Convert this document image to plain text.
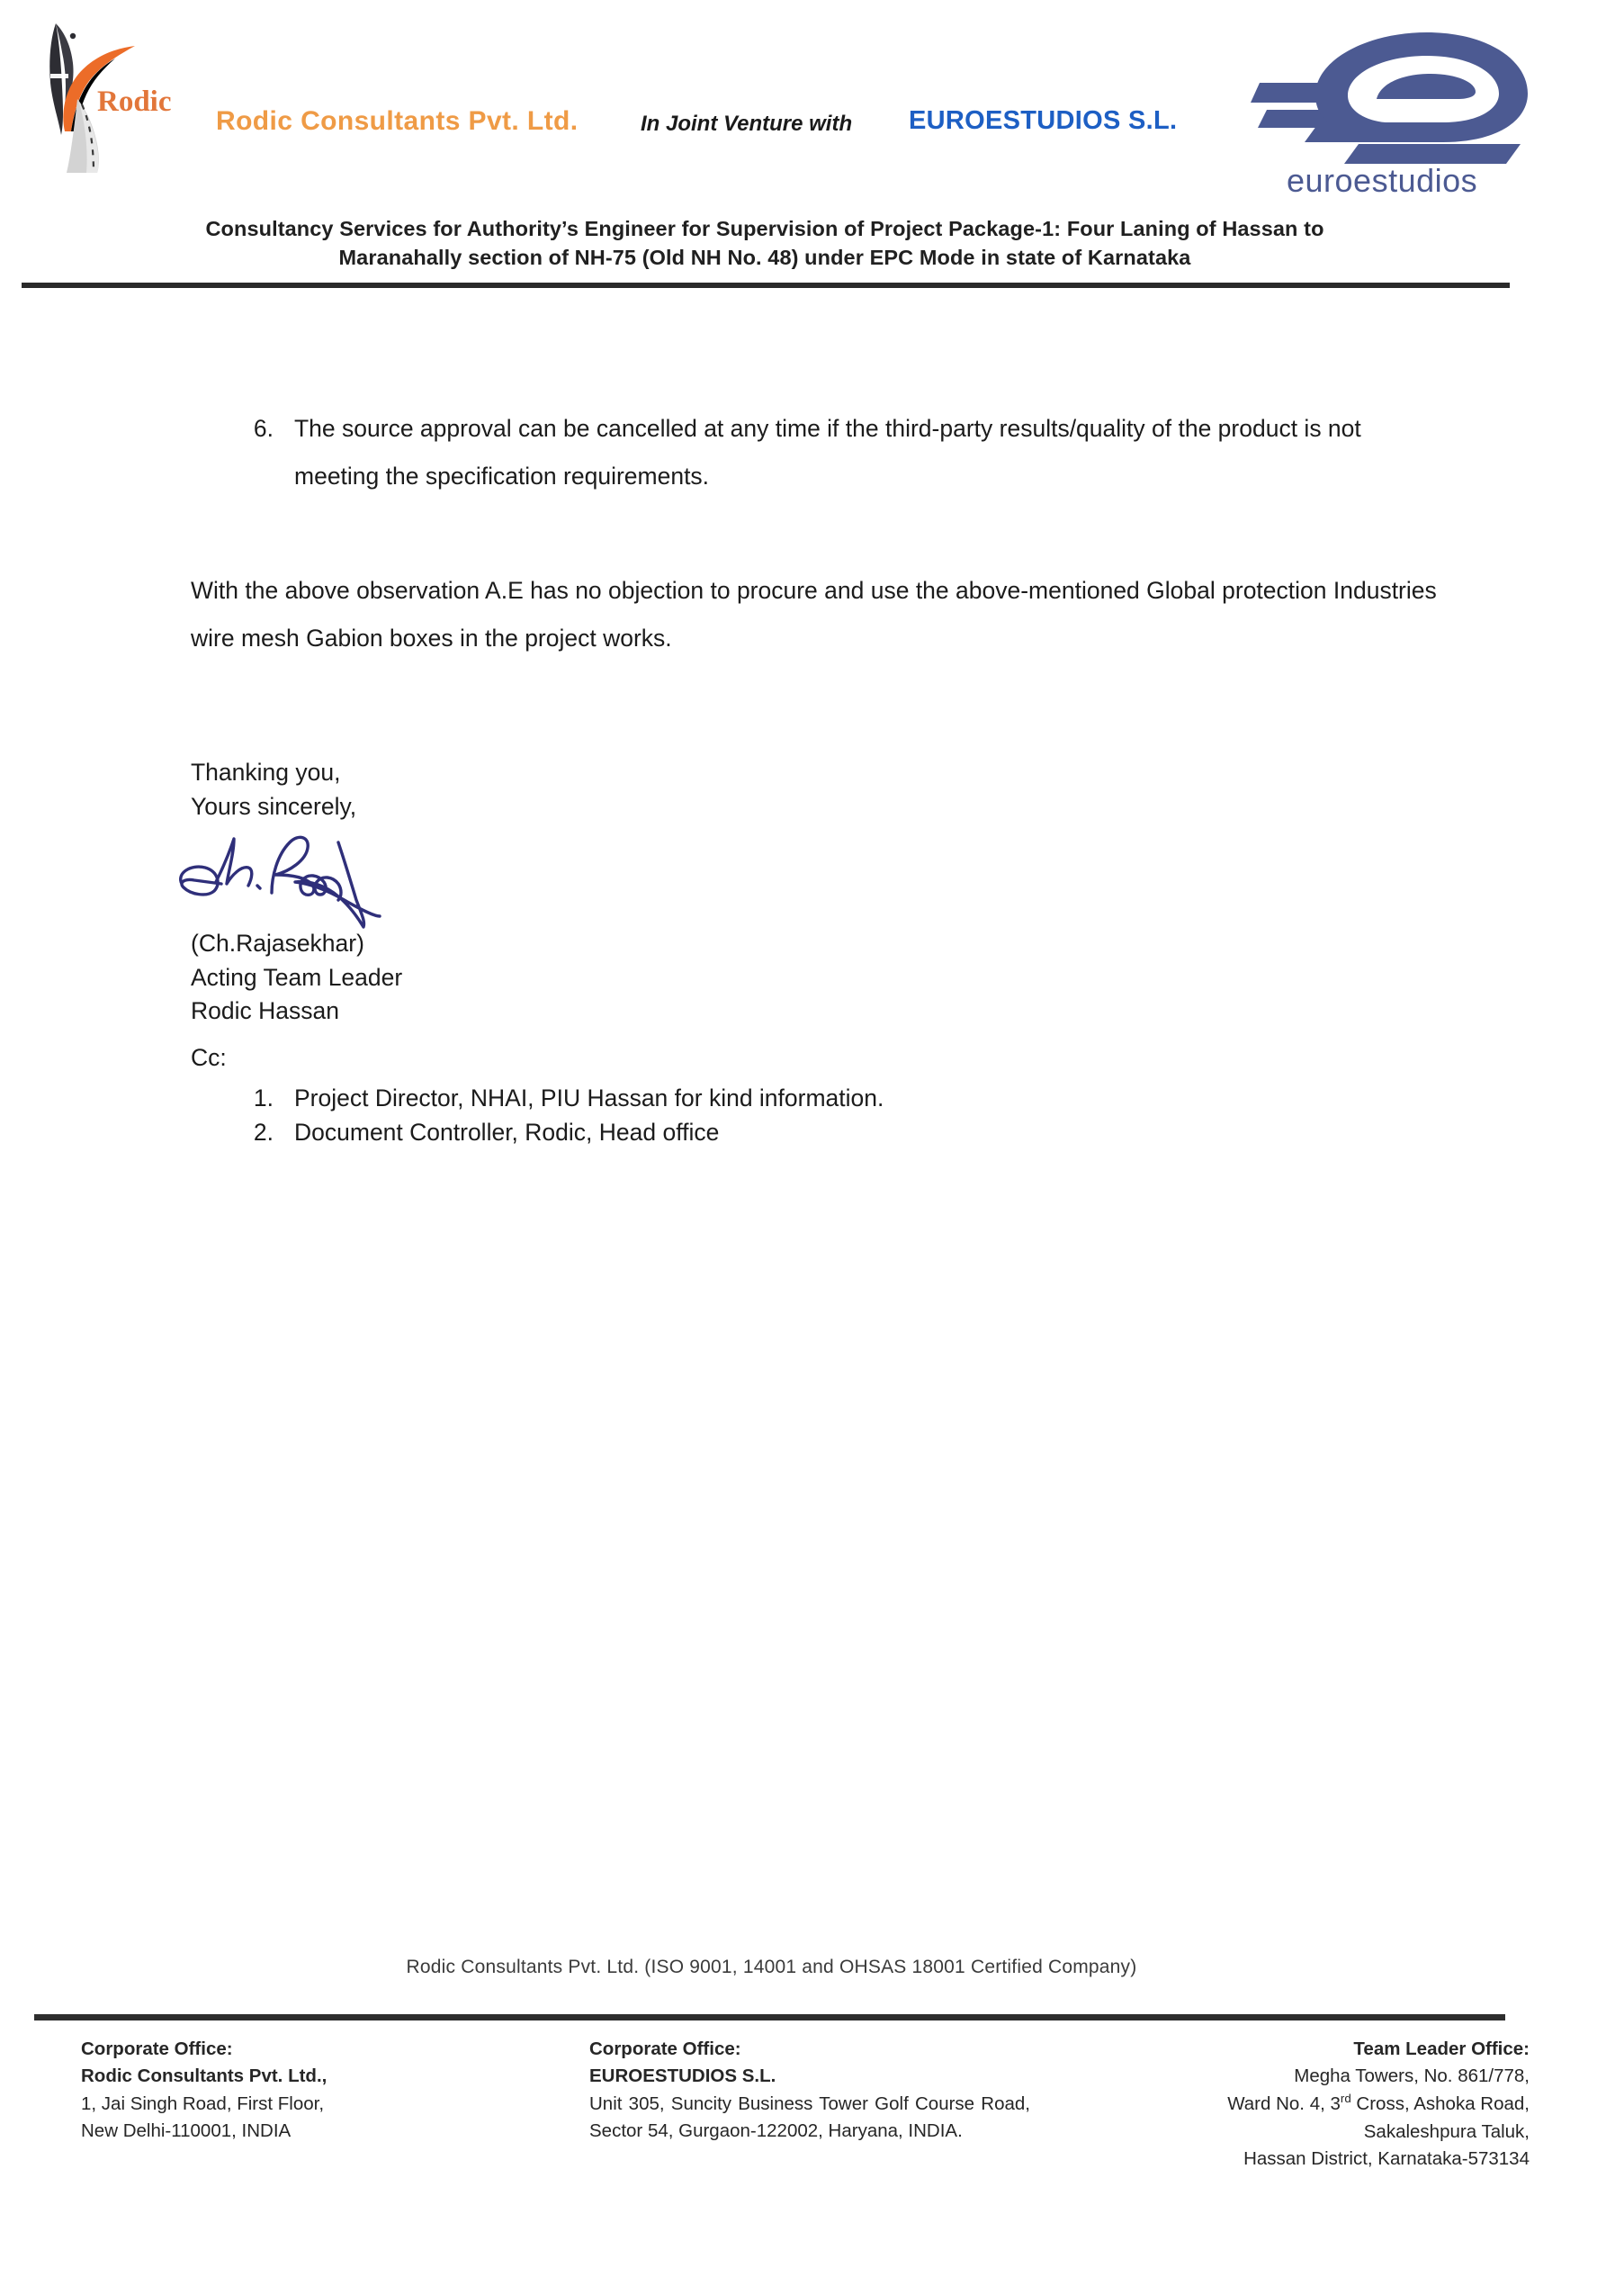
Rodic
Rodic Consultants Pvt. Ltd.	In Joint Venture with EUROESTUDIOS S.L.
euroestudios
Consultancy Services for Authority’s Engineer for Supervision of Project Package-1: Four Laning of Hassan to
Maranahally section of NH-75 (Old NH No. 48) under EPC Mode in state of Karnataka
6. The source approval can be cancelled at any time if the third-party results/quality of the product is not meeting the specification requirements.
With the above observation A.E has no objection to procure and use the above-mentioned Global protection Industries wire mesh Gabion boxes in the project works.
Thanking you,
Yours sincerely,
(Ch.Rajasekhar)
Acting Team Leader
Rodic Hassan
Cc:
1. Project Director, NHAI, PIU Hassan for kind information.
2. Document Controller, Rodic, Head office
Rodic Consultants Pvt. Ltd. (ISO 9001, 14001 and OHSAS 18001 Certified Company)
Corporate Office:
Rodic Consultants Pvt. Ltd.,
1, Jai Singh Road, First Floor,
New Delhi-110001, INDIA
Corporate Office:
EUROESTUDIOS S.L.
Unit 305, Suncity Business Tower Golf Course Road, Sector 54, Gurgaon-122002, Haryana, INDIA.
Team Leader Office:
Megha Towers, No. 861/778,
Ward No. 4, 3rd Cross, Ashoka Road,
Sakaleshpura Taluk,
Hassan District, Karnataka-573134
